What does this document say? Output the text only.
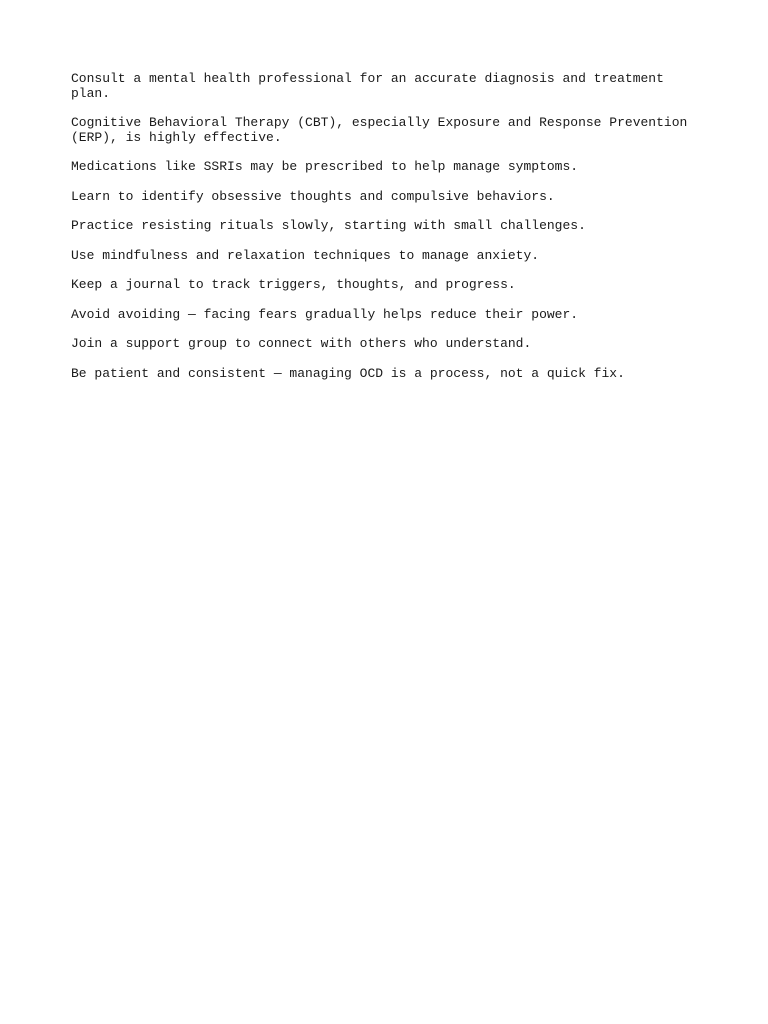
Consult a mental health professional for an accurate diagnosis and treatment plan.

Cognitive Behavioral Therapy (CBT), especially Exposure and Response Prevention
(ERP), is highly effective.

Medications like SSRIs may be prescribed to help manage symptoms.

Learn to identify obsessive thoughts and compulsive behaviors.

Practice resisting rituals slowly, starting with small challenges.

Use mindfulness and relaxation techniques to manage anxiety.

Keep a journal to track triggers, thoughts, and progress.

Avoid avoiding — facing fears gradually helps reduce their power.

Join a support group to connect with others who understand.

Be patient and consistent — managing OCD is a process, not a quick fix.
